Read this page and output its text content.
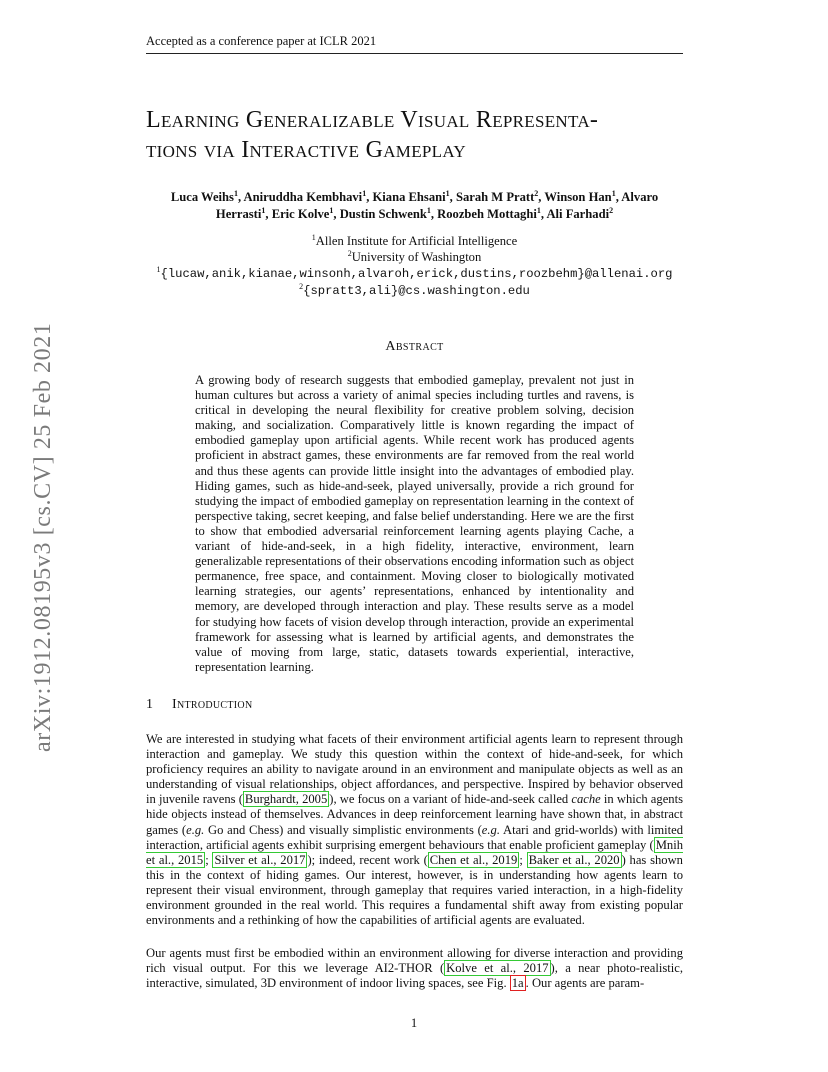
Accepted as a conference paper at ICLR 2021
arXiv:1912.08195v3 [cs.CV] 25 Feb 2021
Learning Generalizable Visual Representa-
tions via Interactive Gameplay
Luca Weihs$^1$, Aniruddha Kembhavi$^1$, Kiana Ehsani$^1$, Sarah M Pratt$^2$, Winson Han$^1$, Alvaro Herrasti$^1$, Eric Kolve$^1$, Dustin Schwenk$^1$, Roozbeh Mottaghi$^1$, Ali Farhadi$^2$
$^1$Allen Institute for Artificial Intelligence
$^2$University of Washington
$^1${lucaw,anik,kianae,winsonh,alvaroh,erick,dustins,roozbehm}@allenai.org
$^2${spratt3,ali}@cs.washington.edu
Abstract
A growing body of research suggests that embodied gameplay, prevalent not just in human cultures but across a variety of animal species including turtles and ravens, is critical in developing the neural flexibility for creative problem solving, decision making, and socialization. Comparatively little is known regarding the impact of embodied gameplay upon artificial agents. While recent work has produced agents proficient in abstract games, these environments are far removed from the real world and thus these agents can provide little insight into the advantages of embodied play. Hiding games, such as hide-and-seek, played universally, provide a rich ground for studying the impact of embodied gameplay on representation learning in the context of perspective taking, secret keeping, and false belief understanding. Here we are the first to show that embodied adversarial reinforcement learning agents playing Cache, a variant of hide-and-seek, in a high fidelity, interactive, environment, learn generalizable representations of their observations encoding information such as object permanence, free space, and containment. Moving closer to biologically motivated learning strategies, our agents’ representations, enhanced by intentionality and memory, are developed through interaction and play. These results serve as a model for studying how facets of vision develop through interaction, provide an experimental framework for assessing what is learned by artificial agents, and demonstrates the value of moving from large, static, datasets towards experiential, interactive, representation learning.
1 Introduction

We are interested in studying what facets of their environment artificial agents learn to represent through interaction and gameplay. We study this question within the context of hide-and-seek, for which proficiency requires an ability to navigate around in an environment and manipulate objects as well as an understanding of visual relationships, object affordances, and perspective. Inspired by behavior observed in juvenile ravens ( Burghardt, 2005 ), we focus on a variant of hide-and-seek called cache in which agents hide objects instead of themselves. Advances in deep reinforcement learning have shown that, in abstract games (e.g. Go and Chess) and visually simplistic environments (e.g. Atari and grid-worlds) with limited interaction, artificial agents exhibit surprising emergent behaviours that enable proficient gameplay ( Mnih et al., 2015 ; Silver et al., 2017 ); indeed, recent work ( Chen et al., 2019 ; Baker et al., 2020 ) has shown this in the context of hiding games. Our interest, however, is in understanding how agents learn to represent their visual environment, through gameplay that requires varied interaction, in a high-fidelity environment grounded in the real world. This requires a fundamental shift away from existing popular environments and a rethinking of how the capabilities of artificial agents are evaluated.

Our agents must first be embodied within an environment allowing for diverse interaction and providing rich visual output. For this we leverage AI2-THOR ( Kolve et al., 2017 ), a near photo-realistic, interactive, simulated, 3D environment of indoor living spaces, see Fig. 1a . Our agents are param-

1
